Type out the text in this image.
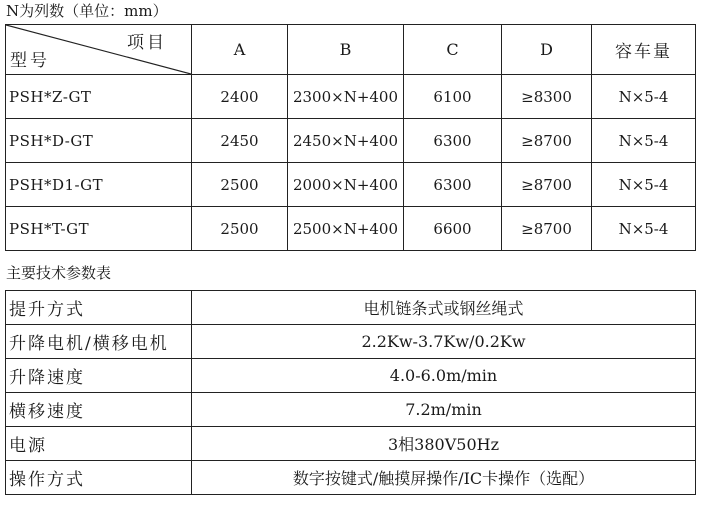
N为列数（单位：mm）
项目
型号	A	B	C	D	容车量
PSH*Z-GT	2400	2300×N+400	6100	≥8300	N×5-4
PSH*D-GT	2450	2450×N+400	6300	≥8700	N×5-4
PSH*D1-GT	2500	2000×N+400	6300	≥8700	N×5-4
PSH*T-GT	2500	2500×N+400	6600	≥8700	N×5-4
主要技术参数表
提升方式	电机链条式或钢丝绳式
升降电机/横移电机	2.2Kw-3.7Kw/0.2Kw
升降速度	4.0-6.0m/min
横移速度	7.2m/min
电源	3相380V50Hz
操作方式	数字按键式/触摸屏操作/IC卡操作（选配）
